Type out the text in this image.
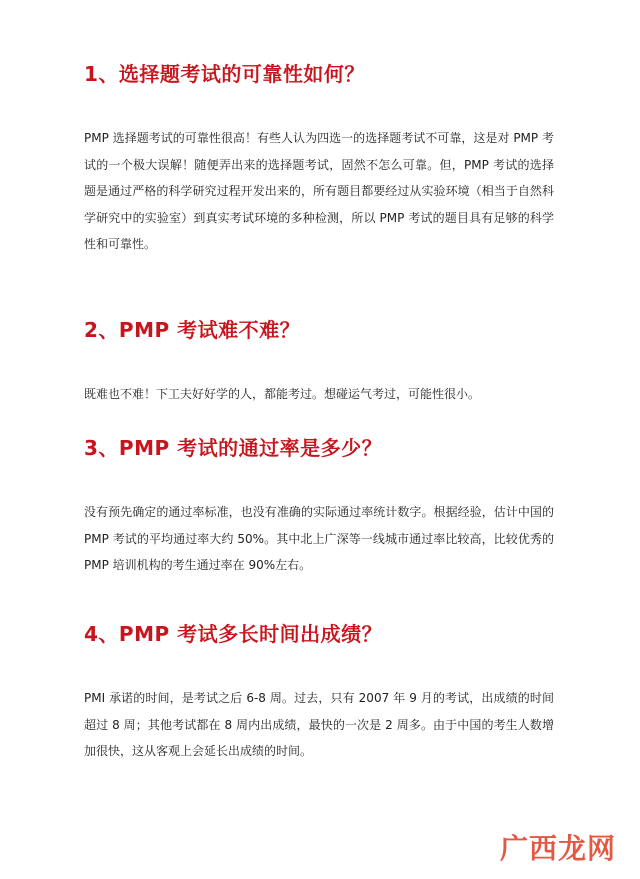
1、选择题考试的可靠性如何？

PMP 选择题考试的可靠性很高！有些人认为四选一的选择题考试不可靠，这是对 PMP 考试的一个极大误解！随便弄出来的选择题考试，固然不怎么可靠。但，PMP 考试的选择题是通过严格的科学研究过程开发出来的，所有题目都要经过从实验环境（相当于自然科学研究中的实验室）到真实考试环境的多种检测，所以 PMP 考试的题目具有足够的科学性和可靠性。

2、PMP 考试难不难？

既难也不难！下工夫好好学的人，都能考过。想碰运气考过，可能性很小。

3、PMP 考试的通过率是多少？

没有预先确定的通过率标准，也没有准确的实际通过率统计数字。根据经验，估计中国的 PMP 考试的平均通过率大约 50%。其中北上广深等一线城市通过率比较高，比较优秀的 PMP 培训机构的考生通过率在 90%左右。

4、PMP 考试多长时间出成绩？

PMI 承诺的时间，是考试之后 6-8 周。过去，只有 2007 年 9 月的考试，出成绩的时间超过 8 周；其他考试都在 8 周内出成绩，最快的一次是 2 周多。由于中国的考生人数增加很快，这从客观上会延长出成绩的时间。

广西龙网
